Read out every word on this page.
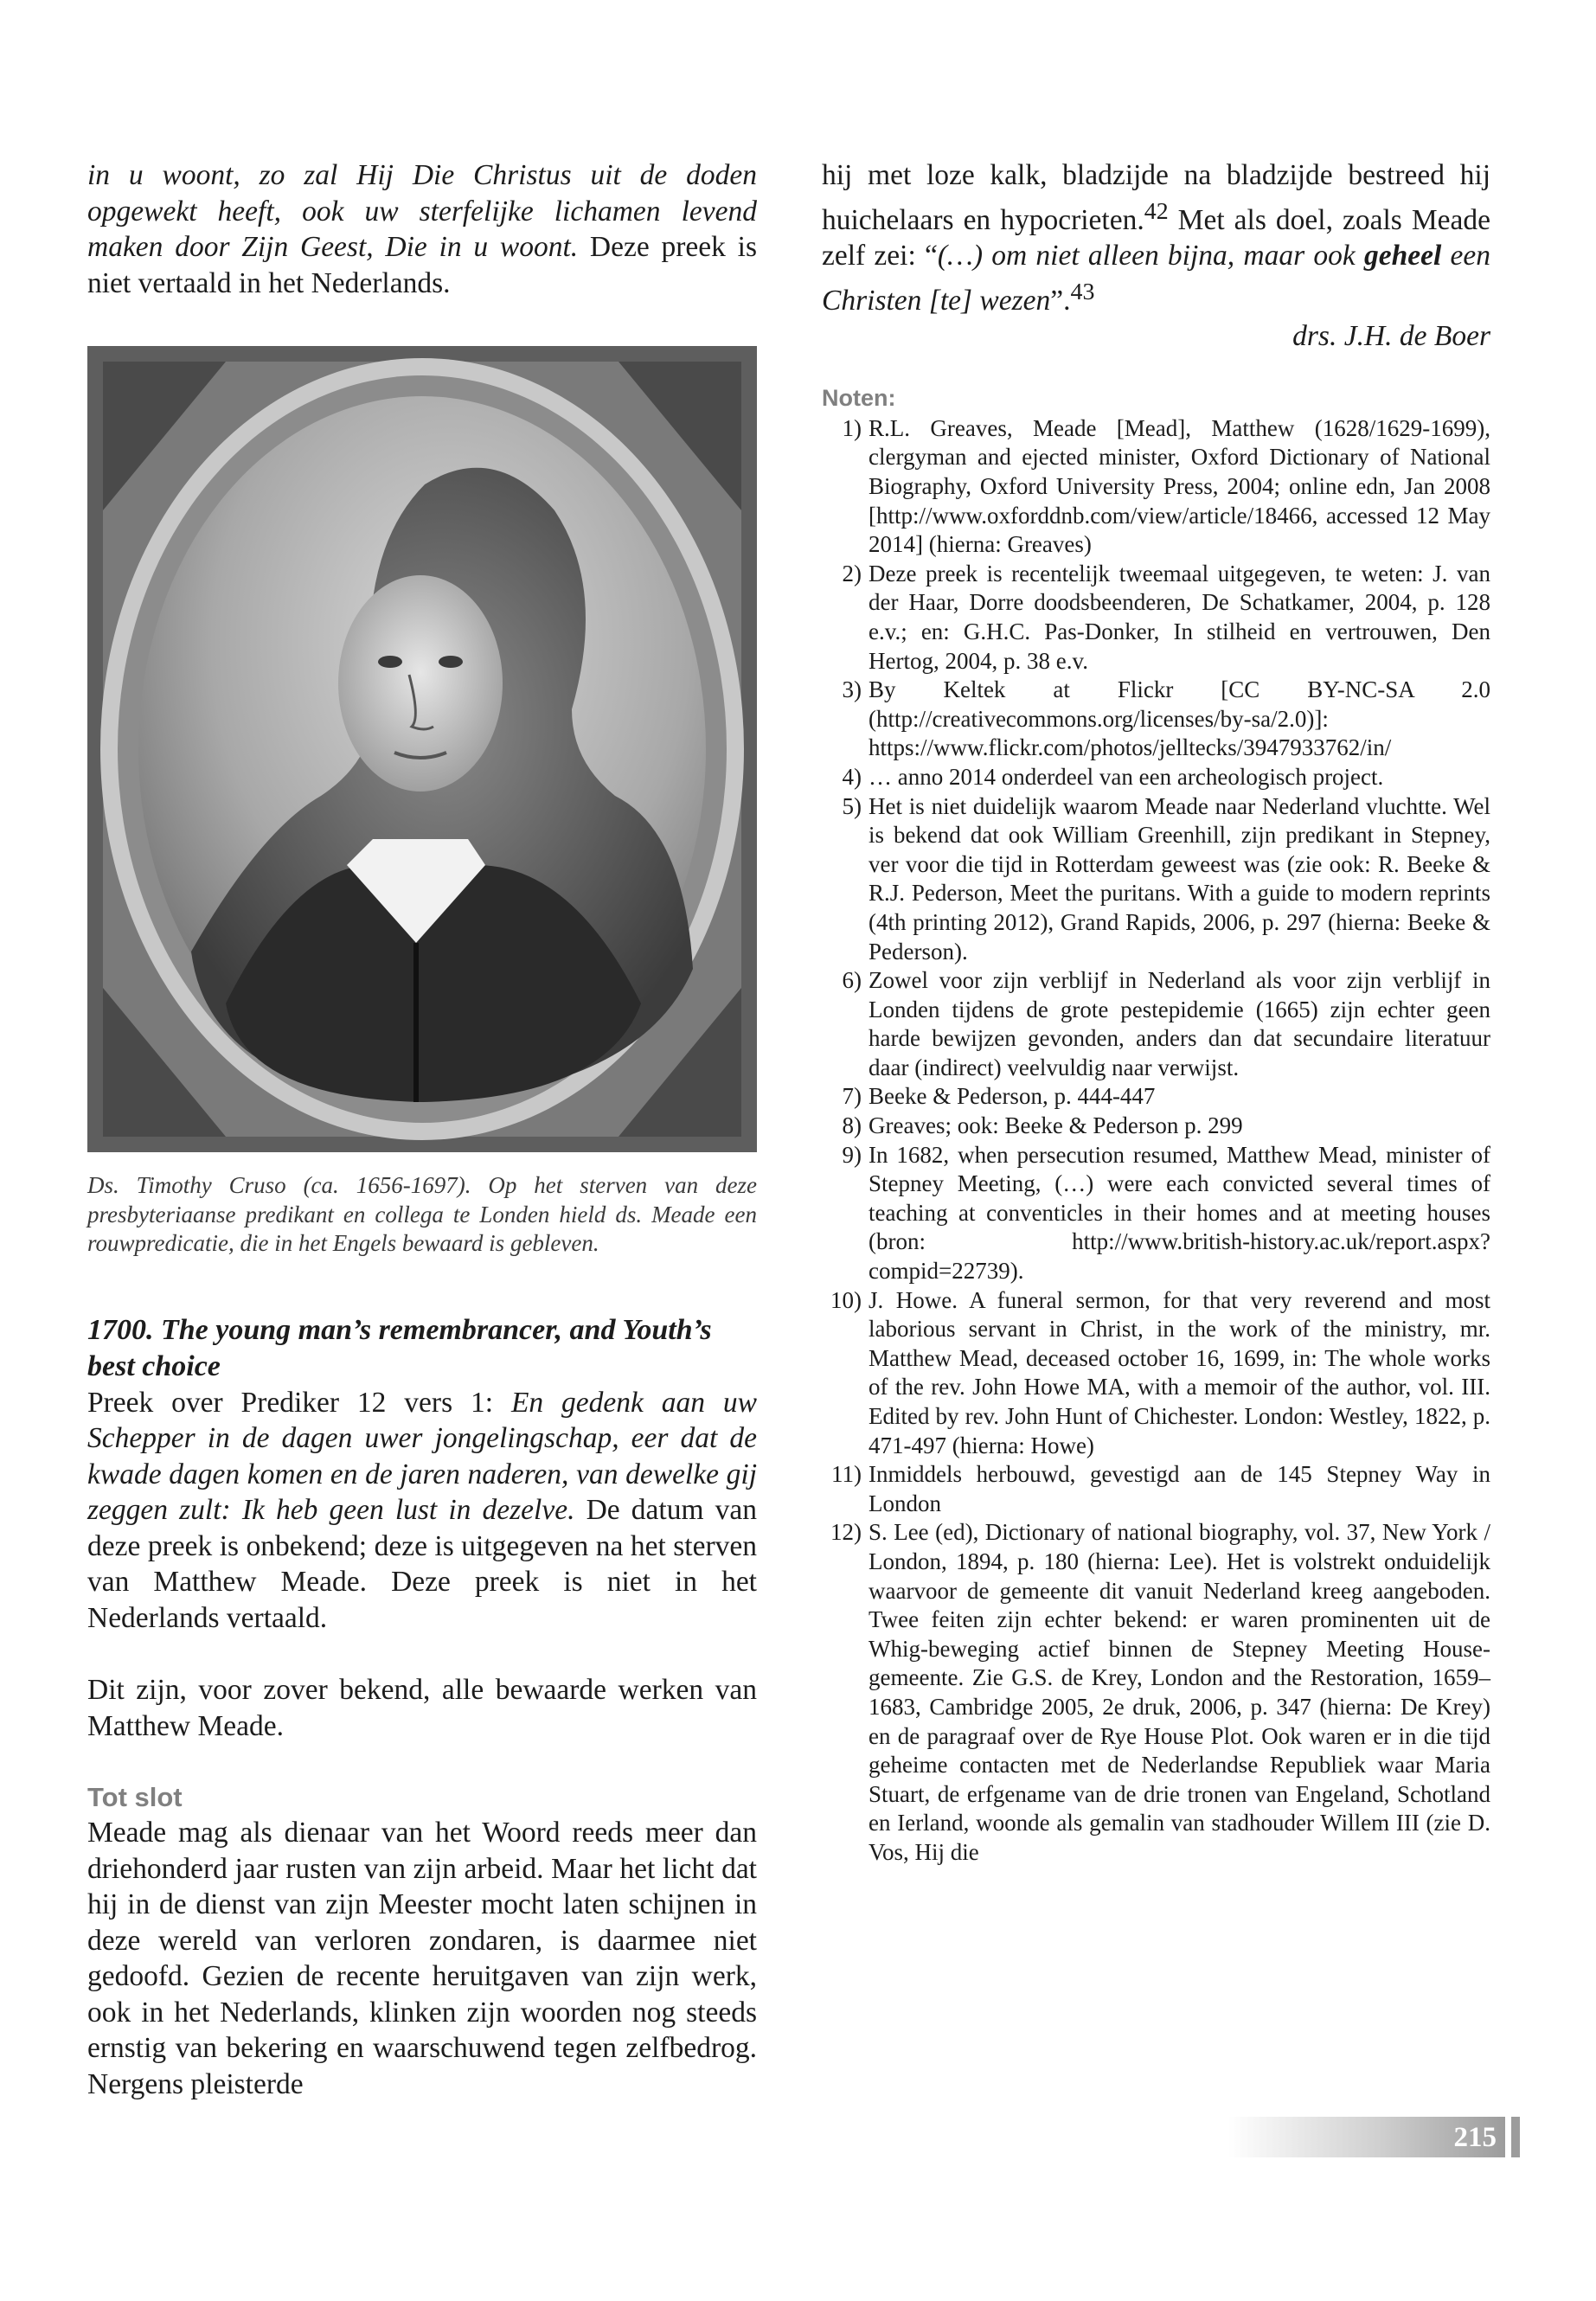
in u woont, zo zal Hij Die Christus uit de doden opgewekt heeft, ook uw sterfelijke lichamen levend maken door Zijn Geest, Die in u woont. Deze preek is niet vertaald in het Nederlands.

Ds. Timothy Cruso (ca. 1656-1697). Op het sterven van deze presbyteriaanse predikant en collega te Londen hield ds. Meade een rouwpredicatie, die in het Engels bewaard is gebleven.

1700. The young man’s remembrancer, and Youth’s best choice

Preek over Prediker 12 vers 1: En gedenk aan uw Schepper in de dagen uwer jongelingschap, eer dat de kwade dagen komen en de jaren naderen, van dewelke gij zeggen zult: Ik heb geen lust in dezelve. De datum van deze preek is onbekend; deze is uitgegeven na het sterven van Matthew Meade. Deze preek is niet in het Nederlands vertaald.

Dit zijn, voor zover bekend, alle bewaarde werken van Matthew Meade.

Tot slot

Meade mag als dienaar van het Woord reeds meer dan driehonderd jaar rusten van zijn arbeid. Maar het licht dat hij in de dienst van zijn Meester mocht laten schijnen in deze wereld van verloren zondaren, is daarmee niet gedoofd. Gezien de recente heruitgaven van zijn werk, ook in het Nederlands, klinken zijn woorden nog steeds ernstig van bekering en waarschuwend tegen zelfbedrog. Nergens pleisterde

hij met loze kalk, bladzijde na bladzijde bestreed hij huichelaars en hypocrieten.$^{42}$ Met als doel, zoals Meade zelf zei: “(…) om niet alleen bijna, maar ook geheel een Christen [te] wezen”.$^{43}$

drs. J.H. de Boer

Noten:

1) R.L. Greaves, Meade [Mead], Matthew (1628/1629-1699), clergyman and ejected minister, Oxford Dictionary of National Biography, Oxford University Press, 2004; online edn, Jan 2008 [http://www.oxforddnb.com/view/article/18466, accessed 12 May 2014] (hierna: Greaves)
2) Deze preek is recentelijk tweemaal uitgegeven, te weten: J. van der Haar, Dorre doodsbeenderen, De Schatkamer, 2004, p. 128 e.v.; en: G.H.C. Pas-Donker, In stilheid en vertrouwen, Den Hertog, 2004, p. 38 e.v.
3) By Keltek at Flickr [CC BY-NC-SA 2.0 (http://creativecommons.org/licenses/by-sa/2.0)]: https://www.flickr.com/photos/jelltecks/3947933762/in/
4) … anno 2014 onderdeel van een archeologisch project.
5) Het is niet duidelijk waarom Meade naar Nederland vluchtte. Wel is bekend dat ook William Greenhill, zijn predikant in Stepney, ver voor die tijd in Rotterdam geweest was (zie ook: R. Beeke & R.J. Pederson, Meet the puritans. With a guide to modern reprints (4th printing 2012), Grand Rapids, 2006, p. 297 (hierna: Beeke & Pederson).
6) Zowel voor zijn verblijf in Nederland als voor zijn verblijf in Londen tijdens de grote pestepidemie (1665) zijn echter geen harde bewijzen gevonden, anders dan dat secundaire literatuur daar (indirect) veelvuldig naar verwijst.
7) Beeke & Pederson, p. 444-447
8) Greaves; ook: Beeke & Pederson p. 299
9) In 1682, when persecution resumed, Matthew Mead, minister of Stepney Meeting, (…) were each convicted several times of teaching at conventicles in their homes and at meeting houses (bron: http://www.british-history.ac.uk/report.aspx?compid=22739).
10) J. Howe. A funeral sermon, for that very reverend and most laborious servant in Christ, in the work of the ministry, mr. Matthew Mead, deceased october 16, 1699, in: The whole works of the rev. John Howe MA, with a memoir of the author, vol. III. Edited by rev. John Hunt of Chichester. London: Westley, 1822, p. 471-497 (hierna: Howe)
11) Inmiddels herbouwd, gevestigd aan de 145 Stepney Way in London
12) S. Lee (ed), Dictionary of national biography, vol. 37, New York / London, 1894, p. 180 (hierna: Lee). Het is volstrekt onduidelijk waarvoor de gemeente dit vanuit Nederland kreeg aangeboden. Twee feiten zijn echter bekend: er waren prominenten uit de Whig-beweging actief binnen de Stepney Meeting House-gemeente. Zie G.S. de Krey, London and the Restoration, 1659–1683, Cambridge 2005, 2e druk, 2006, p. 347 (hierna: De Krey) en de paragraaf over de Rye House Plot. Ook waren er in die tijd geheime contacten met de Nederlandse Republiek waar Maria Stuart, de erfgename van de drie tronen van Engeland, Schotland en Ierland, woonde als gemalin van stadhouder Willem III (zie D. Vos, Hij die
215
